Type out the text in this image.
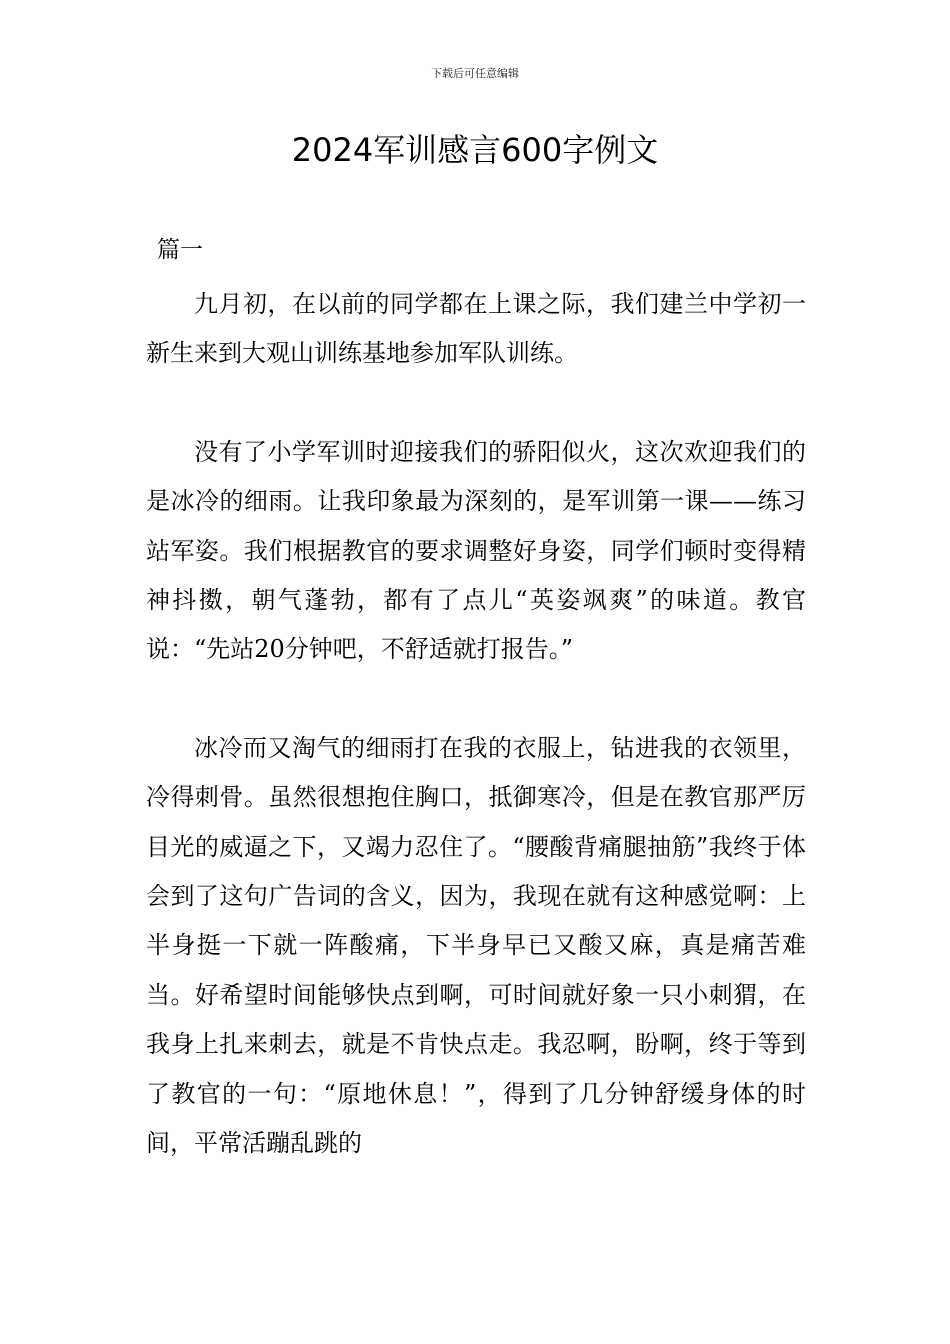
下载后可任意编辑
2024军训感言600字例文
篇一

九月初，在以前的同学都在上课之际，我们建兰中学初一新生来到大观山训练基地参加军队训练。

没有了小学军训时迎接我们的骄阳似火，这次欢迎我们的是冰冷的细雨。让我印象最为深刻的，是军训第一课——练习站军姿。我们根据教官的要求调整好身姿，同学们顿时变得精神抖擞，朝气蓬勃，都有了点儿“英姿飒爽”的味道。教官说：“先站20分钟吧，不舒适就打报告。”

冰冷而又淘气的细雨打在我的衣服上，钻进我的衣领里，冷得刺骨。虽然很想抱住胸口，抵御寒冷，但是在教官那严厉目光的威逼之下，又竭力忍住了。“腰酸背痛腿抽筋”我终于体会到了这句广告词的含义，因为，我现在就有这种感觉啊：上半身挺一下就一阵酸痛，下半身早已又酸又麻，真是痛苦难当。好希望时间能够快点到啊，可时间就好象一只小刺猬，在我身上扎来刺去，就是不肯快点走。我忍啊，盼啊，终于等到了教官的一句：“原地休息！”，得到了几分钟舒缓身体的时间，平常活蹦乱跳的
